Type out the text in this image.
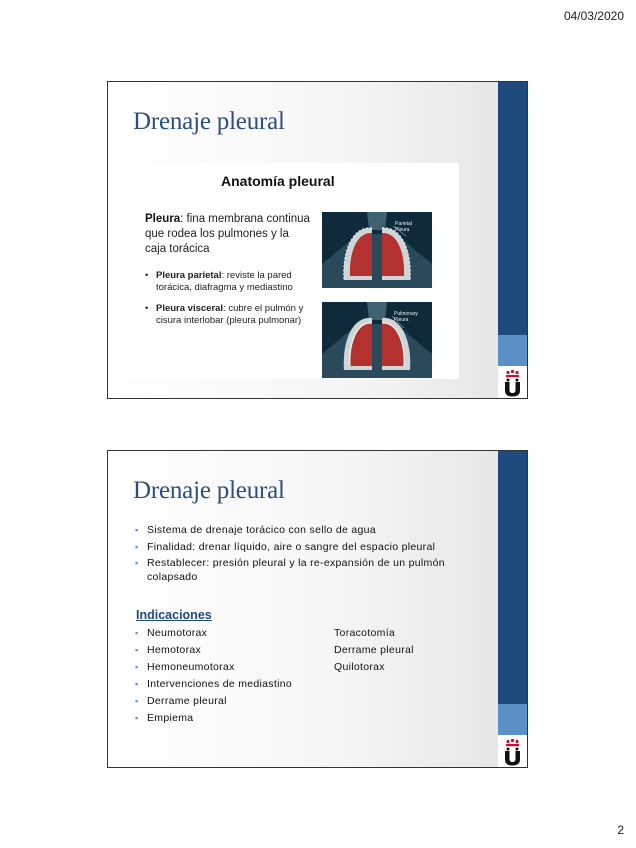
04/03/2020
Drenaje pleural
Anatomía pleural
Pleura: fina membrana continua que rodea los pulmones y la caja torácica
• Pleura parietal: reviste la pared torácica, diafragma y mediastino
• Pleura visceral: cubre el pulmón y cisura interlobar (pleura pulmonar)
Parietal
Pleura
Pulmonary
Pleura
Drenaje pleural
▪ Sistema de drenaje torácico con sello de agua
▪ Finalidad: drenar líquido, aire o sangre del espacio pleural
▪ Restablecer: presión pleural y la re-expansión de un pulmón colapsado
Indicaciones
▪ Neumotorax
▪ Hemotorax
▪ Hemoneumotorax
▪ Intervenciones de mediastino
▪ Derrame pleural
▪ Empiema
Toracotomía
Derrame pleural
Quilotorax
2
